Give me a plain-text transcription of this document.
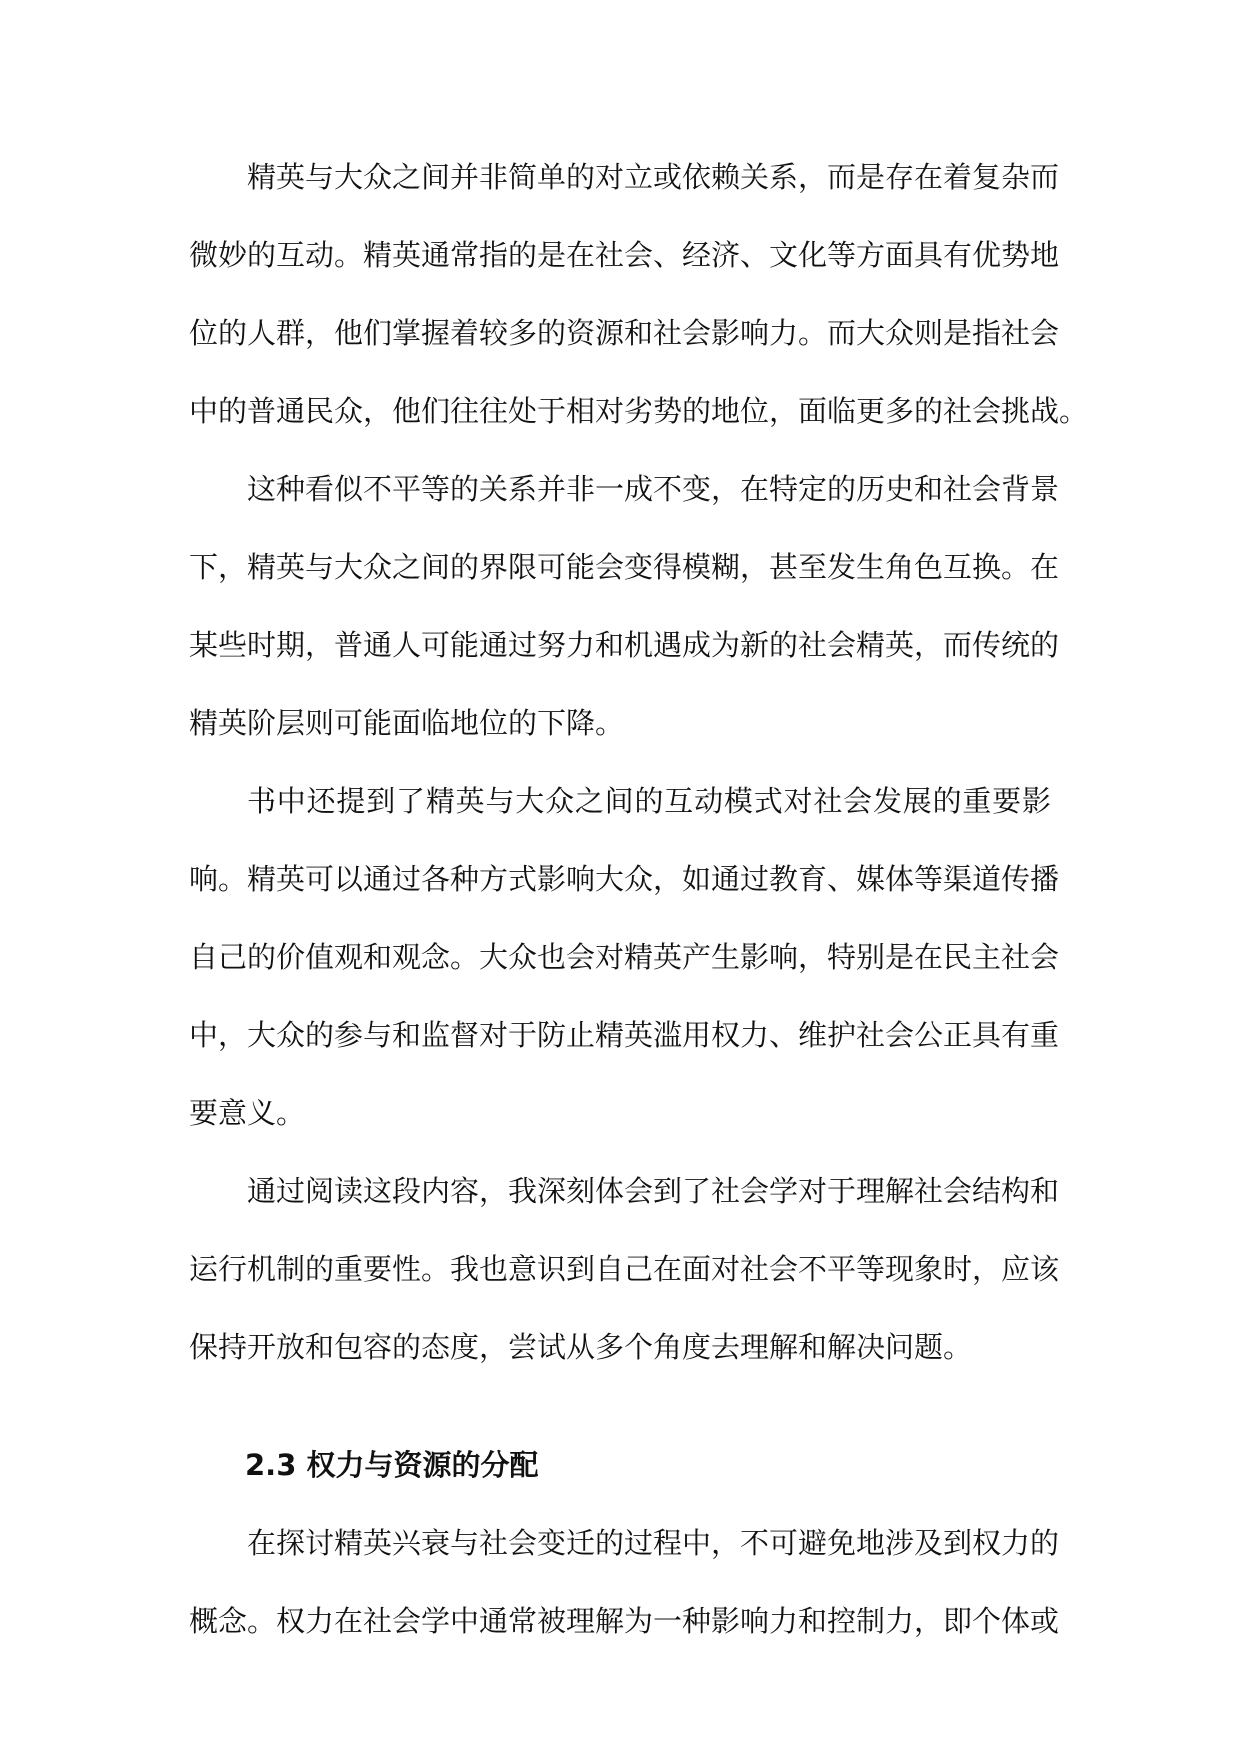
精英与大众之间并非简单的对立或依赖关系，而是存在着复杂而
微妙的互动。精英通常指的是在社会、经济、文化等方面具有优势地
位的人群，他们掌握着较多的资源和社会影响力。而大众则是指社会
中的普通民众，他们往往处于相对劣势的地位，面临更多的社会挑战。
这种看似不平等的关系并非一成不变，在特定的历史和社会背景
下，精英与大众之间的界限可能会变得模糊，甚至发生角色互换。在
某些时期，普通人可能通过努力和机遇成为新的社会精英，而传统的
精英阶层则可能面临地位的下降。
书中还提到了精英与大众之间的互动模式对社会发展的重要影
响。精英可以通过各种方式影响大众，如通过教育、媒体等渠道传播
自己的价值观和观念。大众也会对精英产生影响，特别是在民主社会
中，大众的参与和监督对于防止精英滥用权力、维护社会公正具有重
要意义。
通过阅读这段内容，我深刻体会到了社会学对于理解社会结构和
运行机制的重要性。我也意识到自己在面对社会不平等现象时，应该
保持开放和包容的态度，尝试从多个角度去理解和解决问题。
2.3 权力与资源的分配
在探讨精英兴衰与社会变迁的过程中，不可避免地涉及到权力的
概念。权力在社会学中通常被理解为一种影响力和控制力，即个体或
